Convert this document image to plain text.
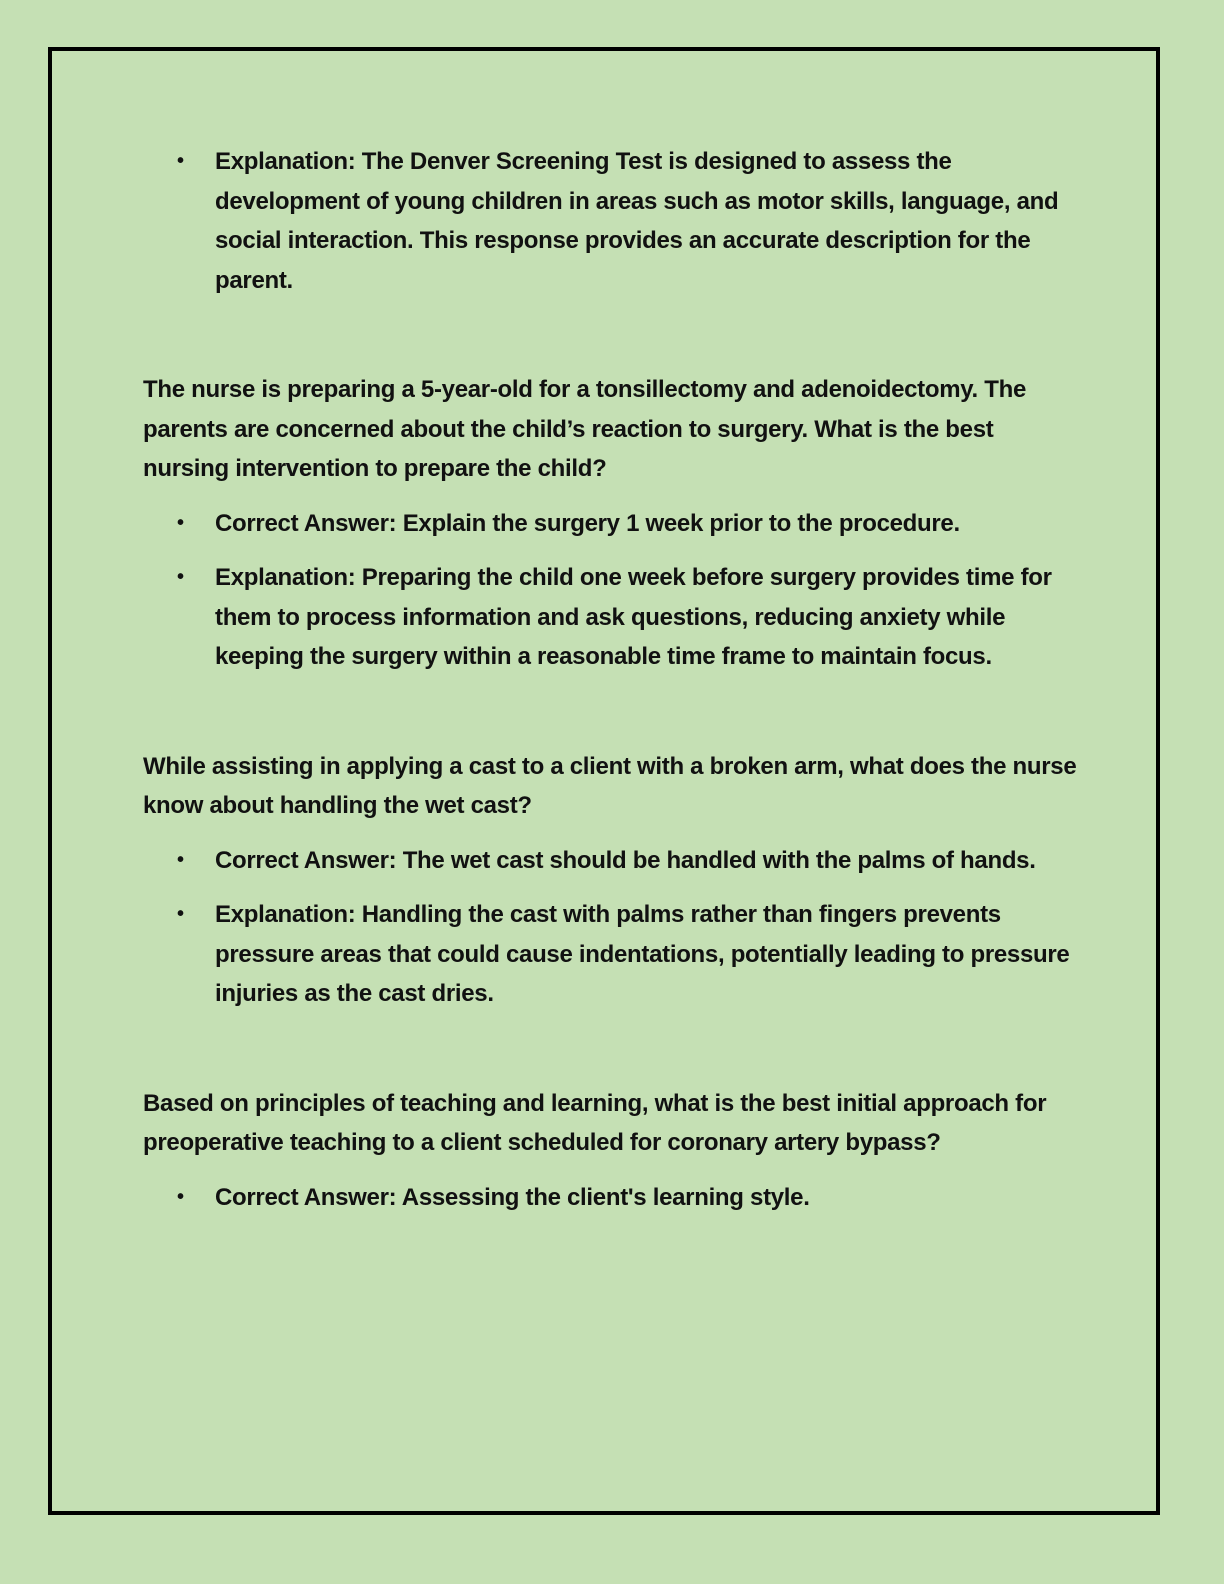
• Explanation: The Denver Screening Test is designed to assess the development of young children in areas such as motor skills, language, and social interaction. This response provides an accurate description for the parent.

The nurse is preparing a 5-year-old for a tonsillectomy and adenoidectomy. The parents are concerned about the child’s reaction to surgery. What is the best nursing intervention to prepare the child?

• Correct Answer: Explain the surgery 1 week prior to the procedure.
• Explanation: Preparing the child one week before surgery provides time for them to process information and ask questions, reducing anxiety while keeping the surgery within a reasonable time frame to maintain focus.

While assisting in applying a cast to a client with a broken arm, what does the nurse know about handling the wet cast?

• Correct Answer: The wet cast should be handled with the palms of hands.
• Explanation: Handling the cast with palms rather than fingers prevents pressure areas that could cause indentations, potentially leading to pressure injuries as the cast dries.

Based on principles of teaching and learning, what is the best initial approach for preoperative teaching to a client scheduled for coronary artery bypass?

• Correct Answer: Assessing the client's learning style.
